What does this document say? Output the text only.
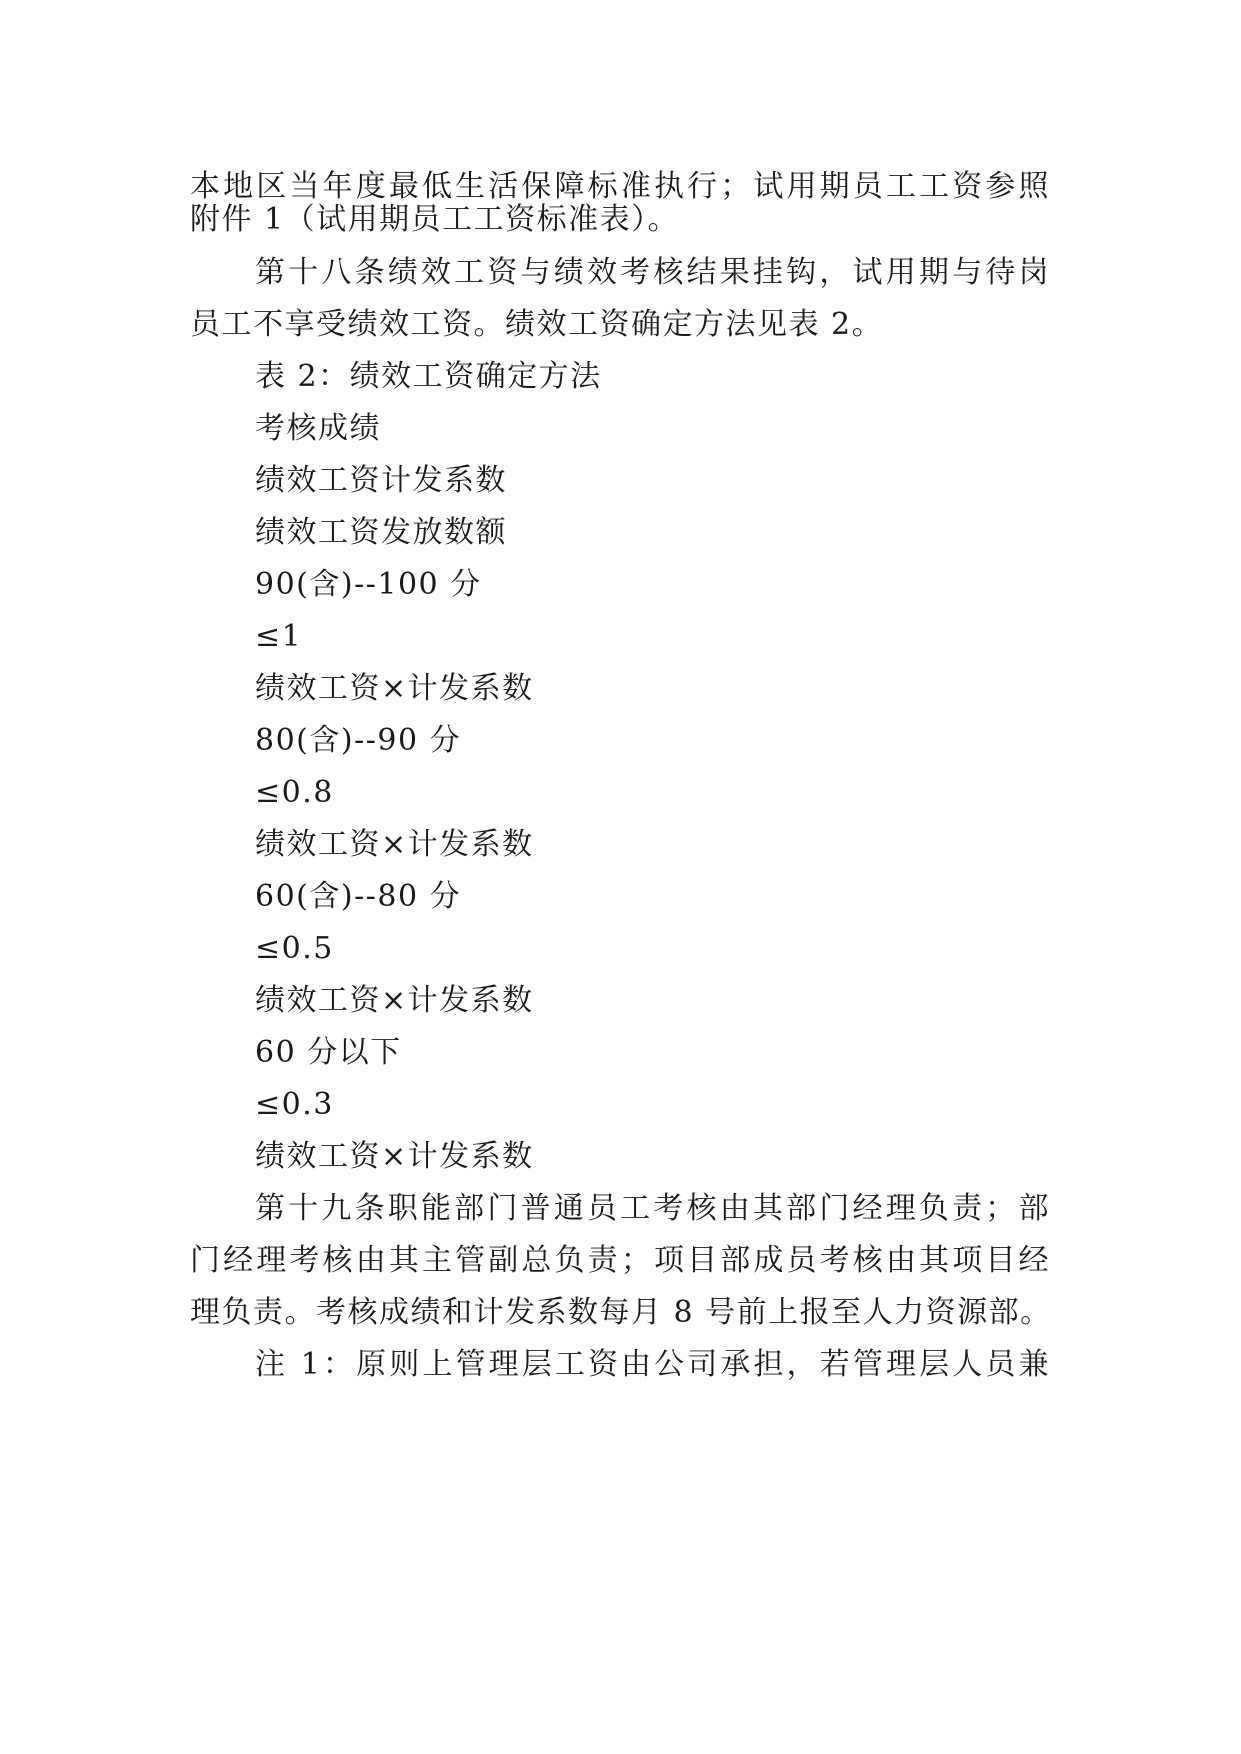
本地区当年度最低生活保障标准执行；试用期员工工资参照
附件 1（试用期员工工资标准表）。
第十八条绩效工资与绩效考核结果挂钩，试用期与待岗
员工不享受绩效工资。绩效工资确定方法见表 2。
表 2：绩效工资确定方法
考核成绩
绩效工资计发系数
绩效工资发放数额
90(含)--100 分
≤1
绩效工资×计发系数
80(含)--90 分
≤0.8
绩效工资×计发系数
60(含)--80 分
≤0.5
绩效工资×计发系数
60 分以下
≤0.3
绩效工资×计发系数
第十九条职能部门普通员工考核由其部门经理负责；部
门经理考核由其主管副总负责；项目部成员考核由其项目经
理负责。考核成绩和计发系数每月 8 号前上报至人力资源部。
注 1：原则上管理层工资由公司承担，若管理层人员兼
